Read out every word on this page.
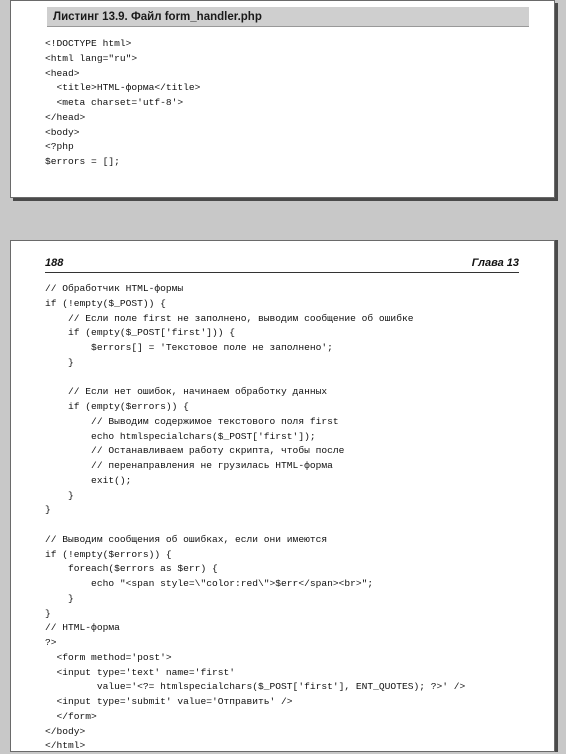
Листинг 13.9. Файл form_handler.php
<!DOCTYPE html>
<html lang="ru">
<head>
<title>HTML-форма</title>
<meta charset='utf-8'>
</head>
<body>
<?php
$errors = [];
188	Глава 13
// Обработчик HTML-формы
if (!empty($_POST)) {
// Если поле first не заполнено, выводим сообщение об ошибке
if (empty($_POST['first'])) {
$errors[] = 'Текстовое поле не заполнено';
}

// Если нет ошибок, начинаем обработку данных
if (empty($errors)) {
// Выводим содержимое текстового поля first
echo htmlspecialchars($_POST['first']);
// Останавливаем работу скрипта, чтобы после
// перенаправления не грузилась HTML-форма
exit();
}
}

// Выводим сообщения об ошибках, если они имеются
if (!empty($errors)) {
foreach($errors as $err) {
echo "<span style=\"color:red\">$err</span><br>";
}
}
// HTML-форма
?>
<form method='post'>
<input type='text' name='first'
value='<?= htmlspecialchars($_POST['first'], ENT_QUOTES); ?>' />
<input type='submit' value='Отправить' />
</form>
</body>
</html>
